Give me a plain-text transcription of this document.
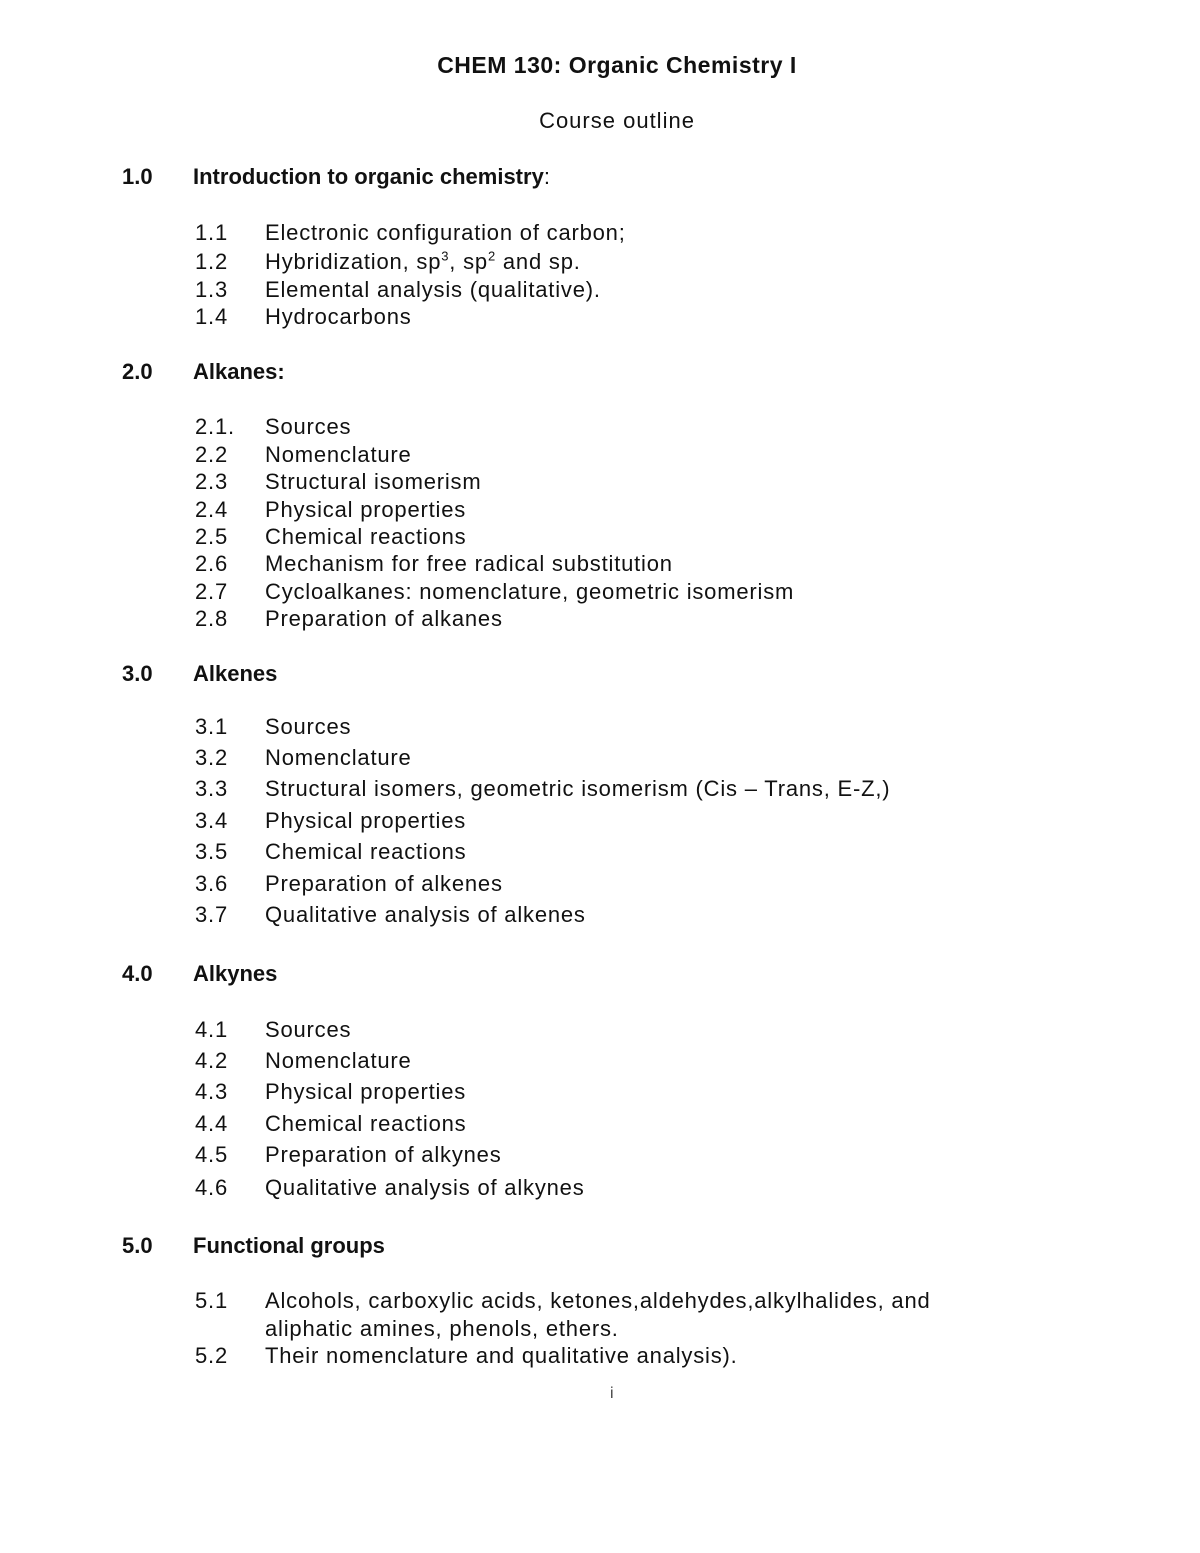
CHEM 130: Organic Chemistry I
Course outline
1.0 Introduction to organic chemistry:
1.1	Electronic configuration of carbon;
1.2	Hybridization, $sp^3$, $sp^2$ and sp.
1.3	Elemental analysis (qualitative).
1.4	Hydrocarbons
2.0 Alkanes:
2.1.	Sources
2.2	Nomenclature
2.3	Structural isomerism
2.4	Physical properties
2.5	Chemical reactions
2.6	Mechanism for free radical substitution
2.7	Cycloalkanes: nomenclature, geometric isomerism
2.8	Preparation of alkanes
3.0 Alkenes
3.1	Sources
3.2	Nomenclature
3.3	Structural isomers, geometric isomerism (Cis – Trans, E-Z,)
3.4	Physical properties
3.5	Chemical reactions
3.6	Preparation of alkenes
3.7	Qualitative analysis of alkenes
4.0 Alkynes
4.1	Sources
4.2	Nomenclature
4.3	Physical properties
4.4	Chemical reactions
4.5	Preparation of alkynes
4.6	Qualitative analysis of alkynes
5.0 Functional groups
5.1	Alcohols, carboxylic acids, ketones,aldehydes,alkylhalides, and
aliphatic amines, phenols, ethers.
5.2	Their nomenclature and qualitative analysis).
i
